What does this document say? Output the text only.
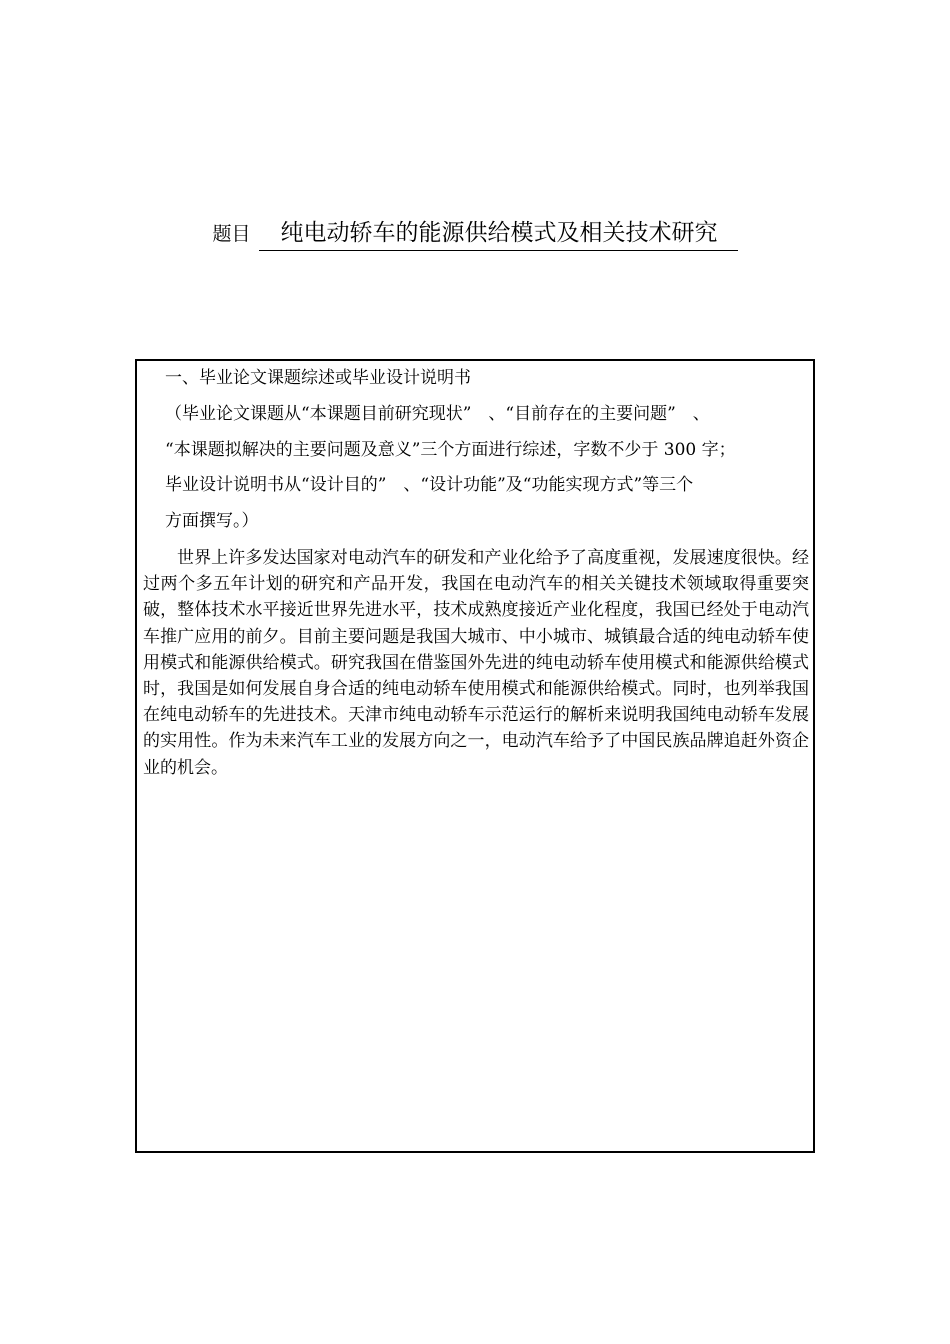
题目	纯电动轿车的能源供给模式及相关技术研究
一、毕业论文课题综述或毕业设计说明书
（毕业论文课题从“本课题目前研究现状”　、“目前存在的主要问题”　、
“本课题拟解决的主要问题及意义”三个方面进行综述，字数不少于 300 字；
毕业设计说明书从“设计目的”　、“设计功能”及“功能实现方式”等三个
方面撰写。）

世界上许多发达国家对电动汽车的研发和产业化给予了高度重视，发展速度很快。经过两个多五年计划的研究和产品开发，我国在电动汽车的相关关键技术领域取得重要突破，整体技术水平接近世界先进水平，技术成熟度接近产业化程度，我国已经处于电动汽车推广应用的前夕。目前主要问题是我国大城市、中小城市、城镇最合适的纯电动轿车使用模式和能源供给模式。研究我国在借鉴国外先进的纯电动轿车使用模式和能源供给模式时，我国是如何发展自身合适的纯电动轿车使用模式和能源供给模式。同时，也列举我国在纯电动轿车的先进技术。天津市纯电动轿车示范运行的解析来说明我国纯电动轿车发展的实用性。作为未来汽车工业的发展方向之一，电动汽车给予了中国民族品牌追赶外资企业的机会。
